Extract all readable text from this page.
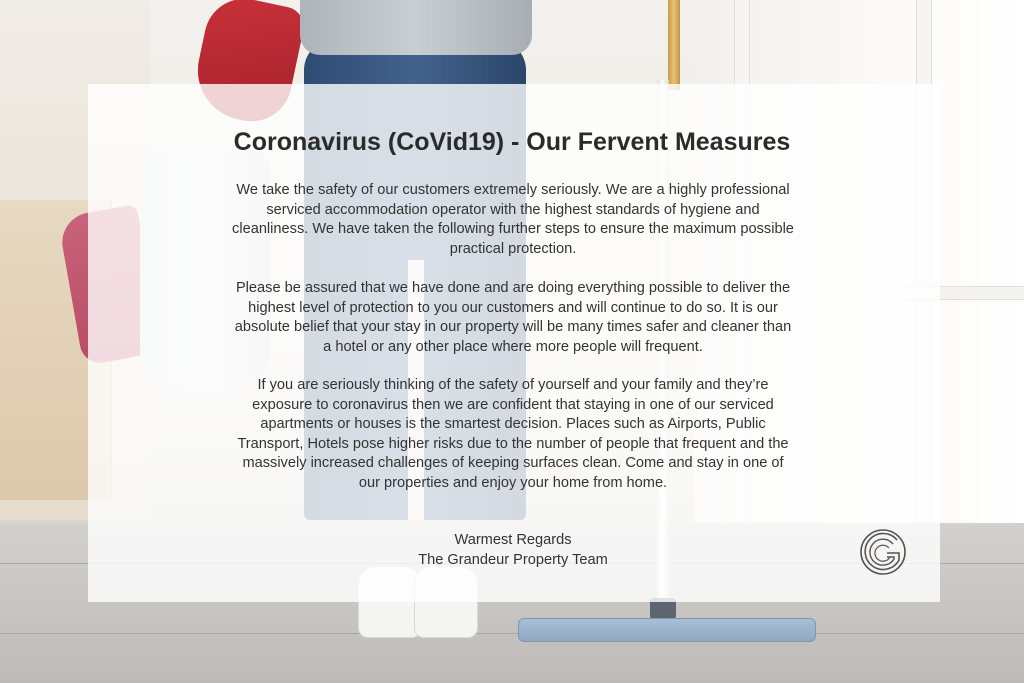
Coronavirus (CoVid19) - Our Fervent Measures
We take the safety of our customers extremely seriously. We are a highly professional
serviced accommodation operator with the highest standards of hygiene and
cleanliness. We have taken the following further steps to ensure the maximum possible
practical protection.
Please be assured that we have done and are doing everything possible to deliver the
highest level of protection to you our customers and will continue to do so. It is our
absolute belief that your stay in our property will be many times safer and cleaner than
a hotel or any other place where more people will frequent.
If you are seriously thinking of the safety of yourself and your family and they’re
exposure to coronavirus then we are confident that staying in one of our serviced
apartments or houses is the smartest decision. Places such as Airports, Public
Transport, Hotels pose higher risks due to the number of people that frequent and the
massively increased challenges of keeping surfaces clean. Come and stay in one of
our properties and enjoy your home from home.
Warmest Regards
The Grandeur Property Team
